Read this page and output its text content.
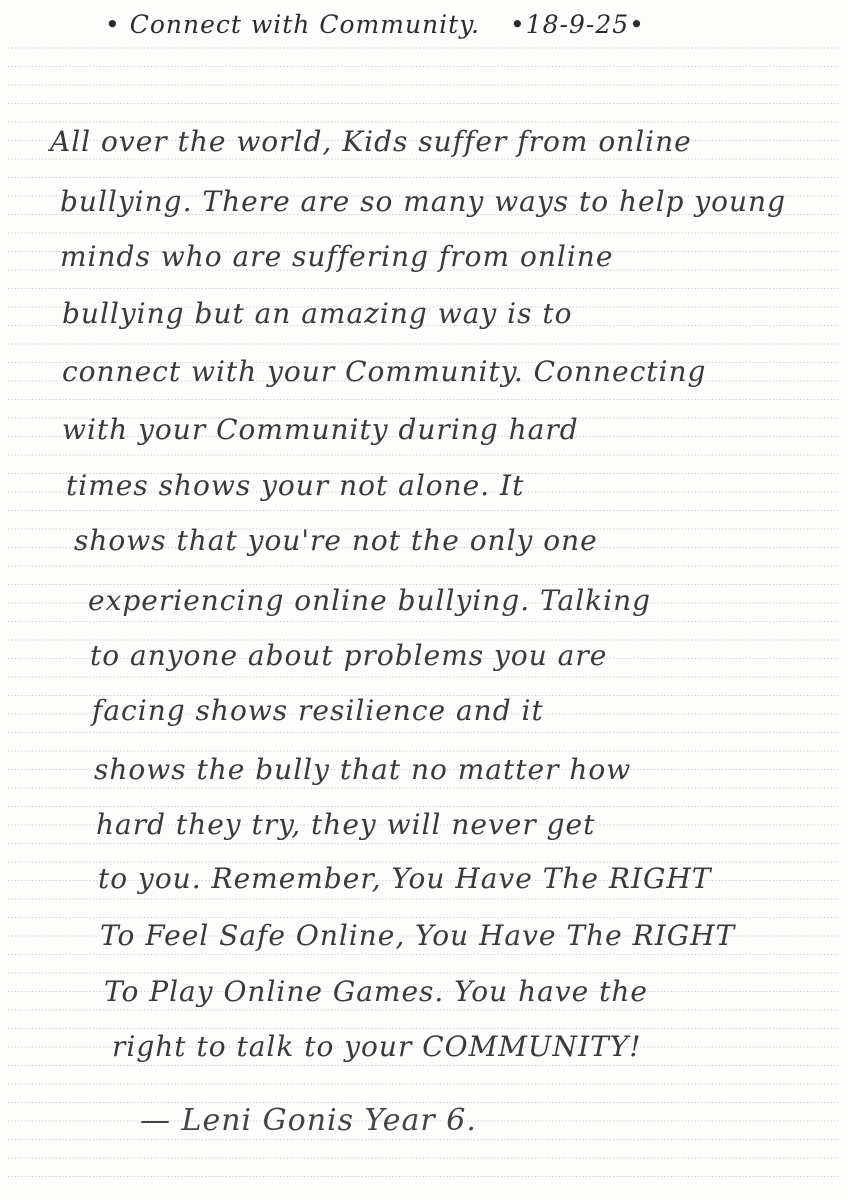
• Connect with Community. •18-9-25•
All over the world, Kids suffer from online
bullying. There are so many ways to help young
minds who are suffering from online
bullying but an amazing way is to
connect with your Community. Connecting
with your Community during hard
times shows your not alone. It
shows that you're not the only one
experiencing online bullying. Talking
to anyone about problems you are
facing shows resilience and it
shows the bully that no matter how
hard they try, they will never get
to you. Remember, You Have The RIGHT
To Feel Safe Online, You Have The RIGHT
To Play Online Games. You have the
right to talk to your COMMUNITY!
— Leni Gonis Year 6.
